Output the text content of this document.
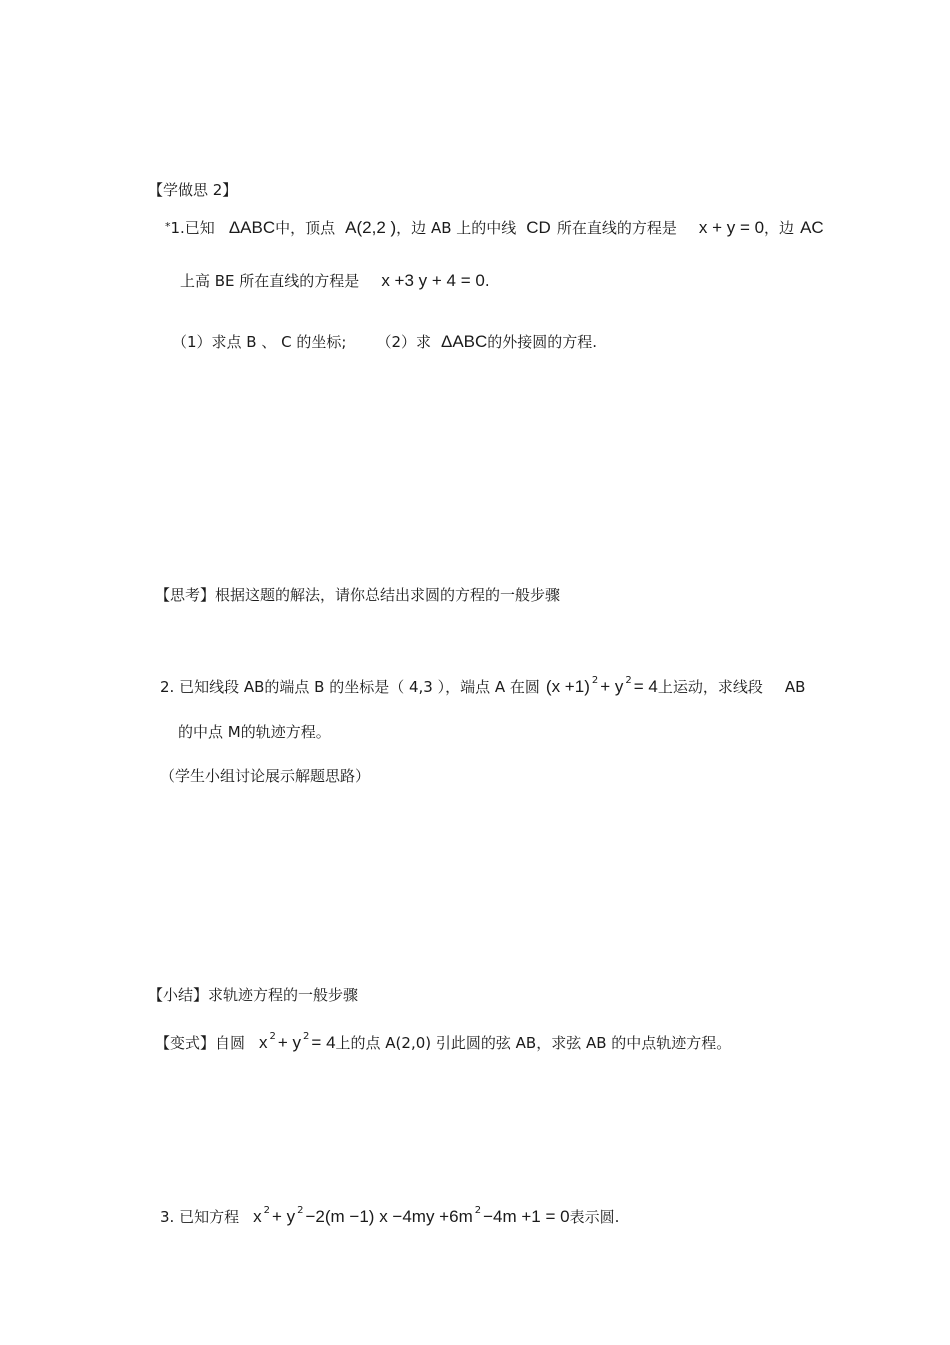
【学做思 2】
*1.已知 ΔABC中，顶点 A(2,2 )，边 AB 上的中线 CD 所在直线的方程是 x + y = 0，边 AC
上高 BE 所在直线的方程是 x +3 y + 4 = 0.
（1）求点 B 、 C 的坐标; （2）求 ΔABC的外接圆的方程.
【思考】根据这题的解法，请你总结出求圆的方程的一般步骤
2. 已知线段 AB的端点 B 的坐标是（ 4,3 ），端点 A 在圆 (x +1) $^2$ + y $^2$ = 4上运动，求线段 AB
的中点 M的轨迹方程。
（学生小组讨论展示解题思路）
【小结】求轨迹方程的一般步骤
【变式】自圆 x $^2$ + y $^2$ = 4上的点 A(2,0) 引此圆的弦 AB，求弦 AB 的中点轨迹方程。
3. 已知方程 x $^2$ + y $^2$ −2(m −1) x −4my +6m $^2$ −4m +1 = 0表示圆.
